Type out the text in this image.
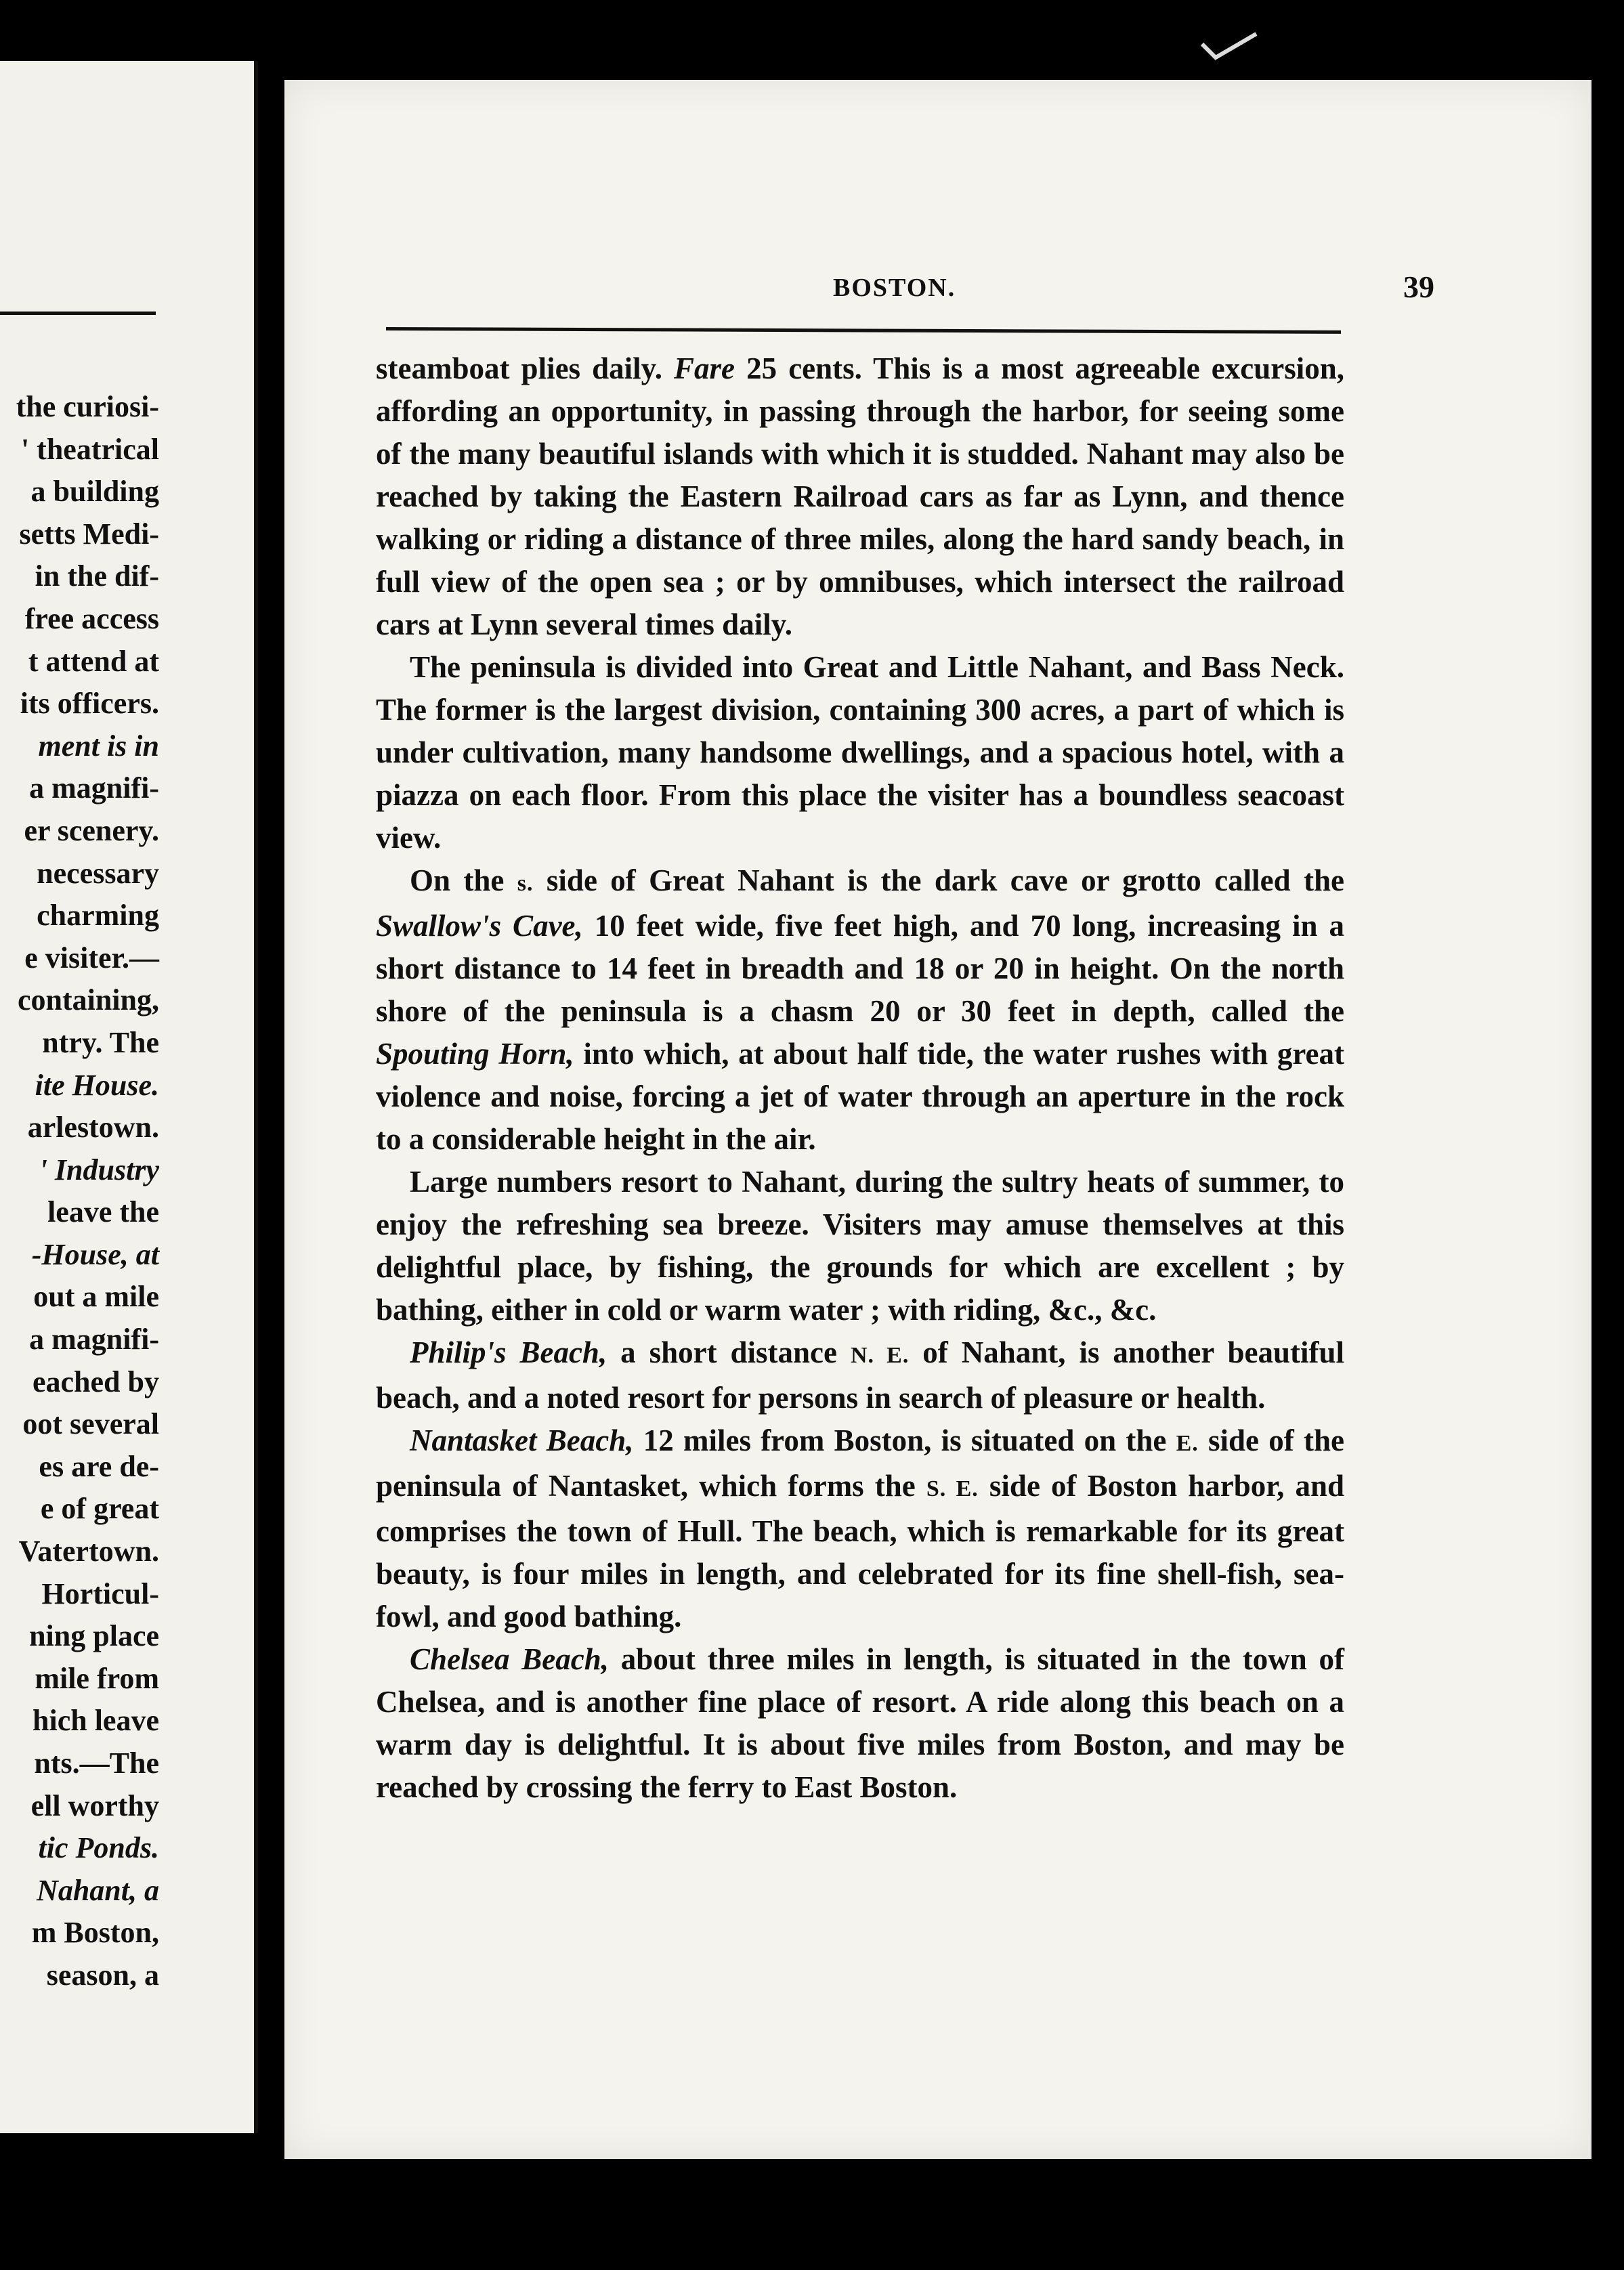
the curiosi-
' theatrical
a building
setts Medi-
in the dif-
free access
t attend at
its officers.
ment is in
a magnifi-
er scenery.
necessary
charming
e visiter.—
containing,
ntry. The
ite House.
arlestown.
' Industry
leave the
-House, at
out a mile
a magnifi-
eached by
oot several
es are de-
e of great
Vatertown.
Horticul-
ning place
mile from
hich leave
nts.—The
ell worthy
tic Ponds.
Nahant, a
m Boston,
season, a
BOSTON.	39

steamboat plies daily. Fare 25 cents. This is a most agreeable excursion, affording an opportunity, in passing through the harbor, for seeing some of the many beautiful islands with which it is studded. Nahant may also be reached by taking the Eastern Railroad cars as far as Lynn, and thence walking or riding a distance of three miles, along the hard sandy beach, in full view of the open sea ; or by omnibuses, which intersect the railroad cars at Lynn several times daily.

The peninsula is divided into Great and Little Nahant, and Bass Neck. The former is the largest division, containing 300 acres, a part of which is under cultivation, many handsome dwellings, and a spacious hotel, with a piazza on each floor. From this place the visiter has a boundless seacoast view.

On the s. side of Great Nahant is the dark cave or grotto called the Swallow's Cave, 10 feet wide, five feet high, and 70 long, increasing in a short distance to 14 feet in breadth and 18 or 20 in height. On the north shore of the peninsula is a chasm 20 or 30 feet in depth, called the Spouting Horn, into which, at about half tide, the water rushes with great violence and noise, forcing a jet of water through an aperture in the rock to a considerable height in the air.

Large numbers resort to Nahant, during the sultry heats of summer, to enjoy the refreshing sea breeze. Visiters may amuse themselves at this delightful place, by fishing, the grounds for which are excellent ; by bathing, either in cold or warm water ; with riding, &c., &c.

Philip's Beach, a short distance N. E. of Nahant, is another beautiful beach, and a noted resort for persons in search of pleasure or health.

Nantasket Beach, 12 miles from Boston, is situated on the E. side of the peninsula of Nantasket, which forms the S. E. side of Boston harbor, and comprises the town of Hull. The beach, which is remarkable for its great beauty, is four miles in length, and celebrated for its fine shell-fish, sea-fowl, and good bathing.

Chelsea Beach, about three miles in length, is situated in the town of Chelsea, and is another fine place of resort. A ride along this beach on a warm day is delightful. It is about five miles from Boston, and may be reached by crossing the ferry to East Boston.
